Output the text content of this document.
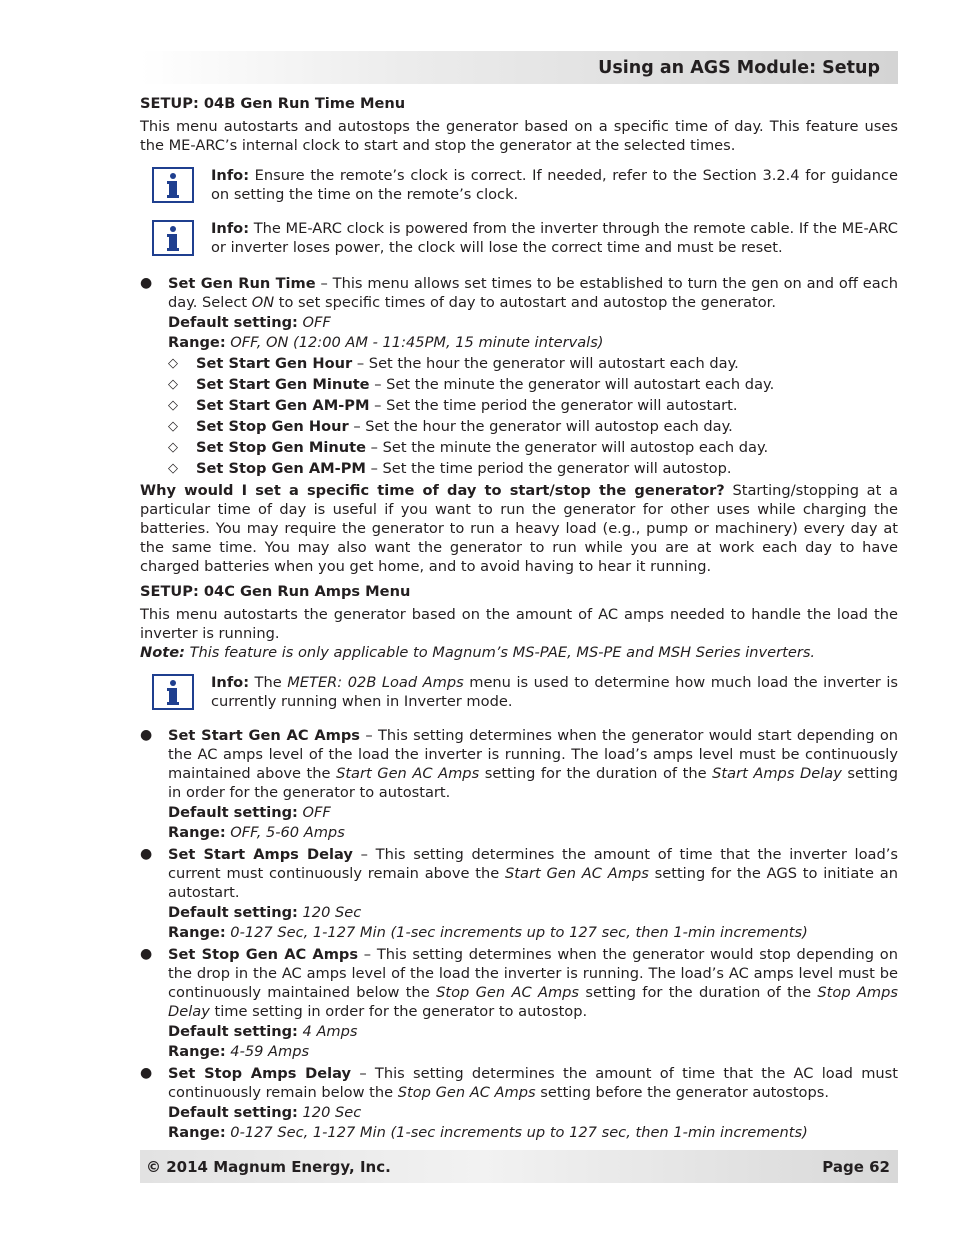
Using an AGS Module: Setup

SETUP: 04B Gen Run Time Menu

This menu autostarts and autostops the generator based on a specific time of day. This feature uses the ME-ARC’s internal clock to start and stop the generator at the selected times.

Info: Ensure the remote’s clock is correct. If needed, refer to the Section 3.2.4 for guidance on setting the time on the remote’s clock.

Info: The ME-ARC clock is powered from the inverter through the remote cable. If the ME-ARC or inverter loses power, the clock will lose the correct time and must be reset.

● Set Gen Run Time – This menu allows set times to be established to turn the gen on and off each day. Select ON to set specific times of day to autostart and autostop the generator.

Default setting: OFF

Range: OFF, ON (12:00 AM - 11:45PM, 15 minute intervals)

◇ Set Start Gen Hour – Set the hour the generator will autostart each day.
◇ Set Start Gen Minute – Set the minute the generator will autostart each day.
◇ Set Start Gen AM-PM – Set the time period the generator will autostart.
◇ Set Stop Gen Hour – Set the hour the generator will autostop each day.
◇ Set Stop Gen Minute – Set the minute the generator will autostop each day.
◇ Set Stop Gen AM-PM – Set the time period the generator will autostop.

Why would I set a specific time of day to start/stop the generator? Starting/stopping at a particular time of day is useful if you want to run the generator for other uses while charging the batteries. You may require the generator to run a heavy load (e.g., pump or machinery) every day at the same time. You may also want the generator to run while you are at work each day to have charged batteries when you get home, and to avoid having to hear it running.

SETUP: 04C Gen Run Amps Menu

This menu autostarts the generator based on the amount of AC amps needed to handle the load the inverter is running.

Note: This feature is only applicable to Magnum’s MS-PAE, MS-PE and MSH Series inverters.

Info: The METER: 02B Load Amps menu is used to determine how much load the inverter is currently running when in Inverter mode.

● Set Start Gen AC Amps – This setting determines when the generator would start depending on the AC amps level of the load the inverter is running. The load’s amps level must be continuously maintained above the Start Gen AC Amps setting for the duration of the Start Amps Delay setting in order for the generator to autostart.

Default setting: OFF

Range: OFF, 5-60 Amps

● Set Start Amps Delay – This setting determines the amount of time that the inverter load’s current must continuously remain above the Start Gen AC Amps setting for the AGS to initiate an autostart.

Default setting: 120 Sec

Range: 0-127 Sec, 1-127 Min (1-sec increments up to 127 sec, then 1-min increments)

● Set Stop Gen AC Amps – This setting determines when the generator would stop depending on the drop in the AC amps level of the load the inverter is running. The load’s AC amps level must be continuously maintained below the Stop Gen AC Amps setting for the duration of the Stop Amps Delay time setting in order for the generator to autostop.

Default setting: 4 Amps

Range: 4-59 Amps

● Set Stop Amps Delay – This setting determines the amount of time that the AC load must continuously remain below the Stop Gen AC Amps setting before the generator autostops.

Default setting: 120 Sec

Range: 0-127 Sec, 1-127 Min (1-sec increments up to 127 sec, then 1-min increments)

© 2014 Magnum Energy, Inc.	Page 62
